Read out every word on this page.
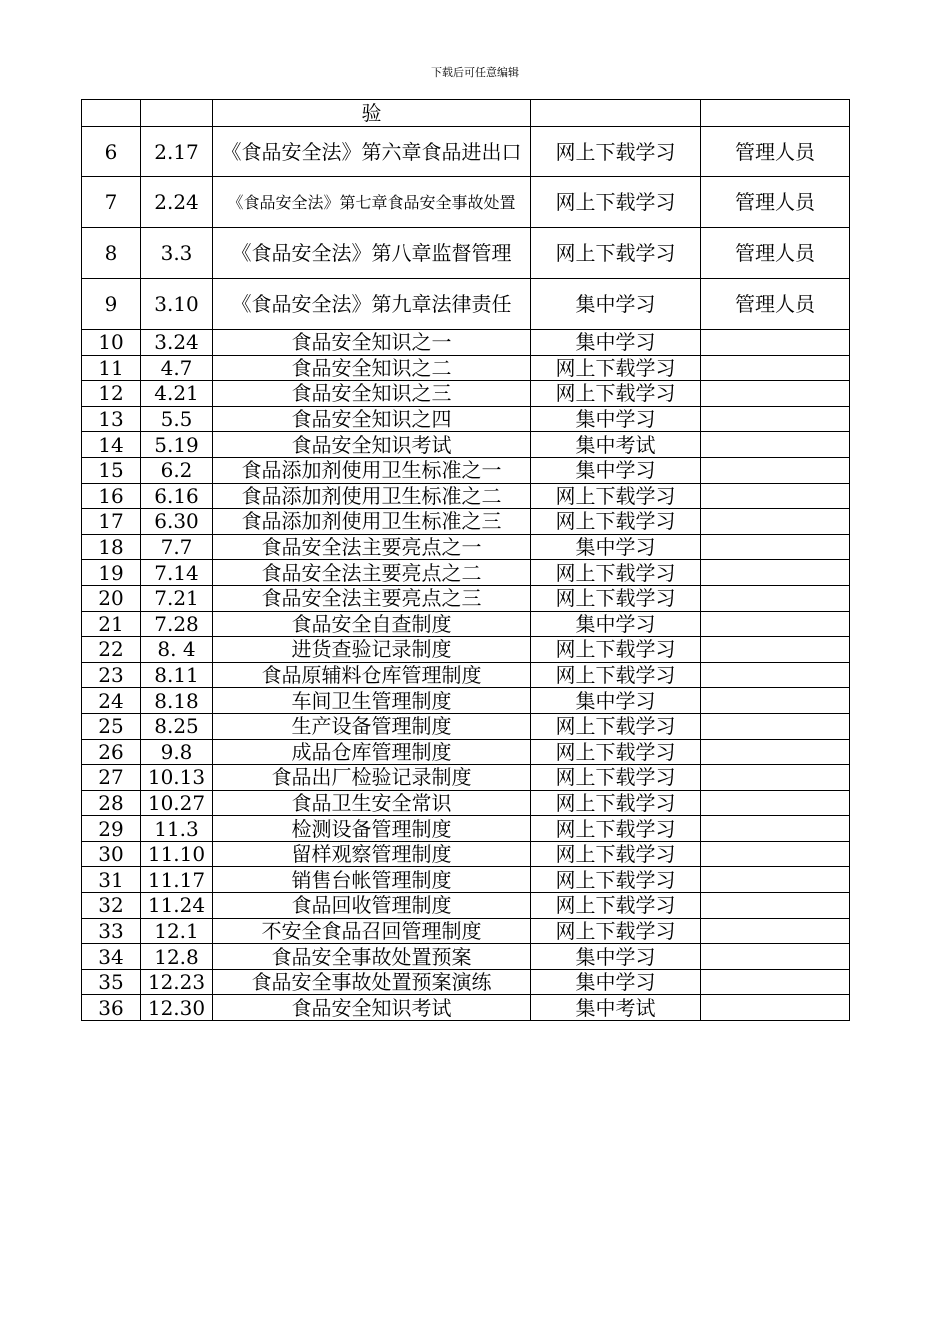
下载后可任意编辑
		验		
6	2.17	《食品安全法》第六章食品进出口	网上下载学习	管理人员
7	2.24	《食品安全法》第七章食品安全事故处置	网上下载学习	管理人员
8	3.3	《食品安全法》第八章监督管理	网上下载学习	管理人员
9	3.10	《食品安全法》第九章法律责任	集中学习	管理人员
10	3.24	食品安全知识之一	集中学习	
11	4.7	食品安全知识之二	网上下载学习	
12	4.21	食品安全知识之三	网上下载学习	
13	5.5	食品安全知识之四	集中学习	
14	5.19	食品安全知识考试	集中考试	
15	6.2	食品添加剂使用卫生标准之一	集中学习	
16	6.16	食品添加剂使用卫生标准之二	网上下载学习	
17	6.30	食品添加剂使用卫生标准之三	网上下载学习	
18	7.7	食品安全法主要亮点之一	集中学习	
19	7.14	食品安全法主要亮点之二	网上下载学习	
20	7.21	食品安全法主要亮点之三	网上下载学习	
21	7.28	食品安全自查制度	集中学习	
22	8. 4	进货查验记录制度	网上下载学习	
23	8.11	食品原辅料仓库管理制度	网上下载学习	
24	8.18	车间卫生管理制度	集中学习	
25	8.25	生产设备管理制度	网上下载学习	
26	9.8	成品仓库管理制度	网上下载学习	
27	10.13	食品出厂检验记录制度	网上下载学习	
28	10.27	食品卫生安全常识	网上下载学习	
29	11.3	检测设备管理制度	网上下载学习	
30	11.10	留样观察管理制度	网上下载学习	
31	11.17	销售台帐管理制度	网上下载学习	
32	11.24	食品回收管理制度	网上下载学习	
33	12.1	不安全食品召回管理制度	网上下载学习	
34	12.8	食品安全事故处置预案	集中学习	
35	12.23	食品安全事故处置预案演练	集中学习	
36	12.30	食品安全知识考试	集中考试	
